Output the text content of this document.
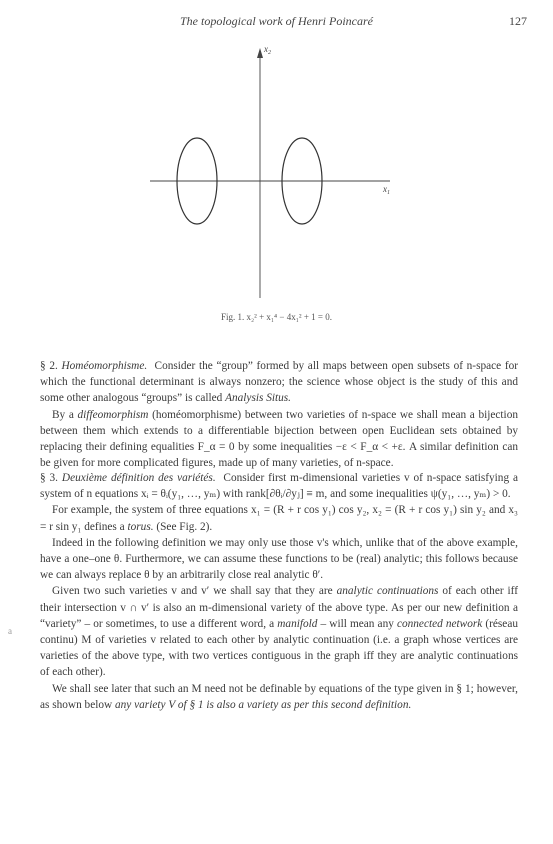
The topological work of Henri Poincaré	127
$x_2$
$x_1$
Fig. 1. x₂² + x₁⁴ − 4x₁² + 1 = 0.

§ 2. Homéomorphisme. Consider the “group” formed by all maps between open subsets of n-space for which the functional determinant is always nonzero; the science whose object is the study of this and some other analogous “groups” is called Analysis Situs.

By a diffeomorphism (homéomorphisme) between two varieties of n-space we shall mean a bijection between them which extends to a differentiable bijection between open Euclidean sets obtained by replacing their defining equalities F_α = 0 by some inequalities −ε < F_α < +ε. A similar definition can be given for more complicated figures, made up of many varieties, of n-space.

§ 3. Deuxième définition des variétés. Consider first m-dimensional varieties v of n-space satisfying a system of n equations xᵢ = θᵢ(y₁, …, yₘ) with rank[∂θᵢ/∂yⱼ] ≡ m, and some inequalities ψ(y₁, …, yₘ) > 0.

For example, the system of three equations x₁ = (R + r cos y₁) cos y₂, x₂ = (R + r cos y₁) sin y₂ and x₃ = r sin y₁ defines a torus. (See Fig. 2).

Indeed in the following definition we may only use those v's which, unlike that of the above example, have a one–one θ. Furthermore, we can assume these functions to be (real) analytic; this follows because we can always replace θ by an arbitrarily close real analytic θ′.

Given two such varieties v and v′ we shall say that they are analytic continuations of each other iff their intersection v ∩ v′ is also an m-dimensional variety of the above type. As per our new definition a “variety” – or sometimes, to use a different word, a manifold – will mean any connected network (réseau continu) M of varieties v related to each other by analytic continuation (i.e. a graph whose vertices are varieties of the above type, with two vertices contiguous in the graph iff they are analytic continuations of each other).

We shall see later that such an M need not be definable by equations of the type given in § 1; however, as shown below any variety V of § 1 is also a variety as per this second definition.

a
